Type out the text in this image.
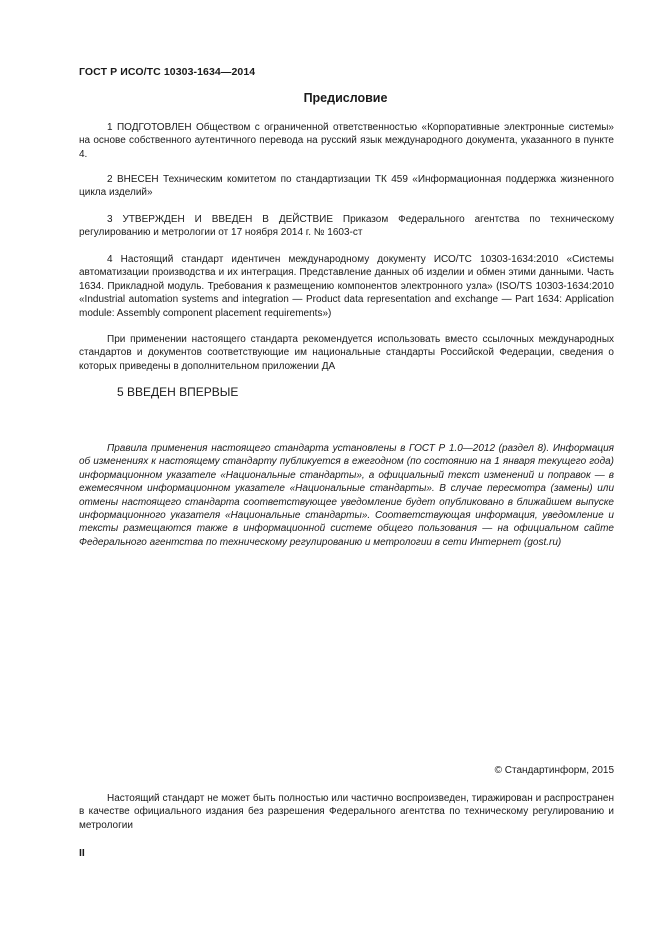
ГОСТ Р ИСО/ТС 10303-1634—2014
Предисловие

1 ПОДГОТОВЛЕН Обществом с ограниченной ответственностью «Корпоративные электронные системы» на основе собственного аутентичного перевода на русский язык международного документа, указанного в пункте 4.

2 ВНЕСЕН Техническим комитетом по стандартизации ТК 459 «Информационная поддержка жизненного цикла изделий»

3 УТВЕРЖДЕН И ВВЕДЕН В ДЕЙСТВИЕ Приказом Федерального агентства по техническому регулированию и метрологии от 17 ноября 2014 г. № 1603-ст

4 Настоящий стандарт идентичен международному документу ИСО/ТС 10303-1634:2010 «Системы автоматизации производства и их интеграция. Представление данных об изделии и обмен этими данными. Часть 1634. Прикладной модуль. Требования к размещению компонентов электронного узла» (ISO/TS 10303-1634:2010 «Industrial automation systems and integration — Product data representation and exchange — Part 1634: Application module: Assembly component placement requirements»)

При применении настоящего стандарта рекомендуется использовать вместо ссылочных международных стандартов и документов соответствующие им национальные стандарты Российской Федерации, сведения о которых приведены в дополнительном приложении ДА

5 ВВЕДЕН ВПЕРВЫЕ

Правила применения настоящего стандарта установлены в ГОСТ Р 1.0—2012 (раздел 8). Информация об изменениях к настоящему стандарту публикуется в ежегодном (по состоянию на 1 января текущего года) информационном указателе «Национальные стандарты», а официальный текст изменений и поправок — в ежемесячном информационном указателе «Национальные стандарты». В случае пересмотра (замены) или отмены настоящего стандарта соответствующее уведомление будет опубликовано в ближайшем выпуске информационного указателя «Национальные стандарты». Соответствующая информация, уведомление и тексты размещаются также в информационной системе общего пользования — на официальном сайте Федерального агентства по техническому регулированию и метрологии в сети Интернет (gost.ru)

© Стандартинформ, 2015

Настоящий стандарт не может быть полностью или частично воспроизведен, тиражирован и распространен в качестве официального издания без разрешения Федерального агентства по техническому регулированию и метрологии

II
